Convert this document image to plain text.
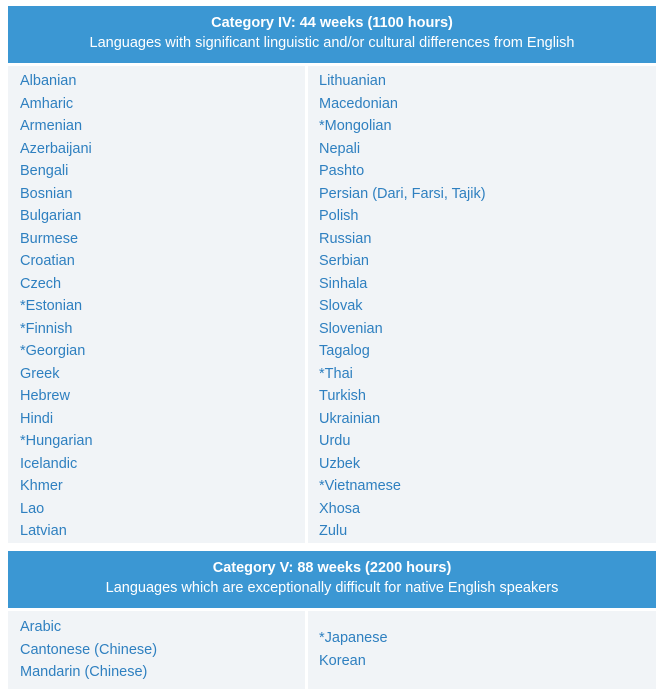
Category IV: 44 weeks (1100 hours)
Languages with significant linguistic and/or cultural differences from English
Albanian
Amharic
Armenian
Azerbaijani
Bengali
Bosnian
Bulgarian
Burmese
Croatian
Czech
*Estonian
*Finnish
*Georgian
Greek
Hebrew
Hindi
*Hungarian
Icelandic
Khmer
Lao
Latvian
Lithuanian
Macedonian
*Mongolian
Nepali
Pashto
Persian (Dari, Farsi, Tajik)
Polish
Russian
Serbian
Sinhala
Slovak
Slovenian
Tagalog
*Thai
Turkish
Ukrainian
Urdu
Uzbek
*Vietnamese
Xhosa
Zulu
Category V: 88 weeks (2200 hours)
Languages which are exceptionally difficult for native English speakers
Arabic
Cantonese (Chinese)
Mandarin (Chinese)
*Japanese
Korean
